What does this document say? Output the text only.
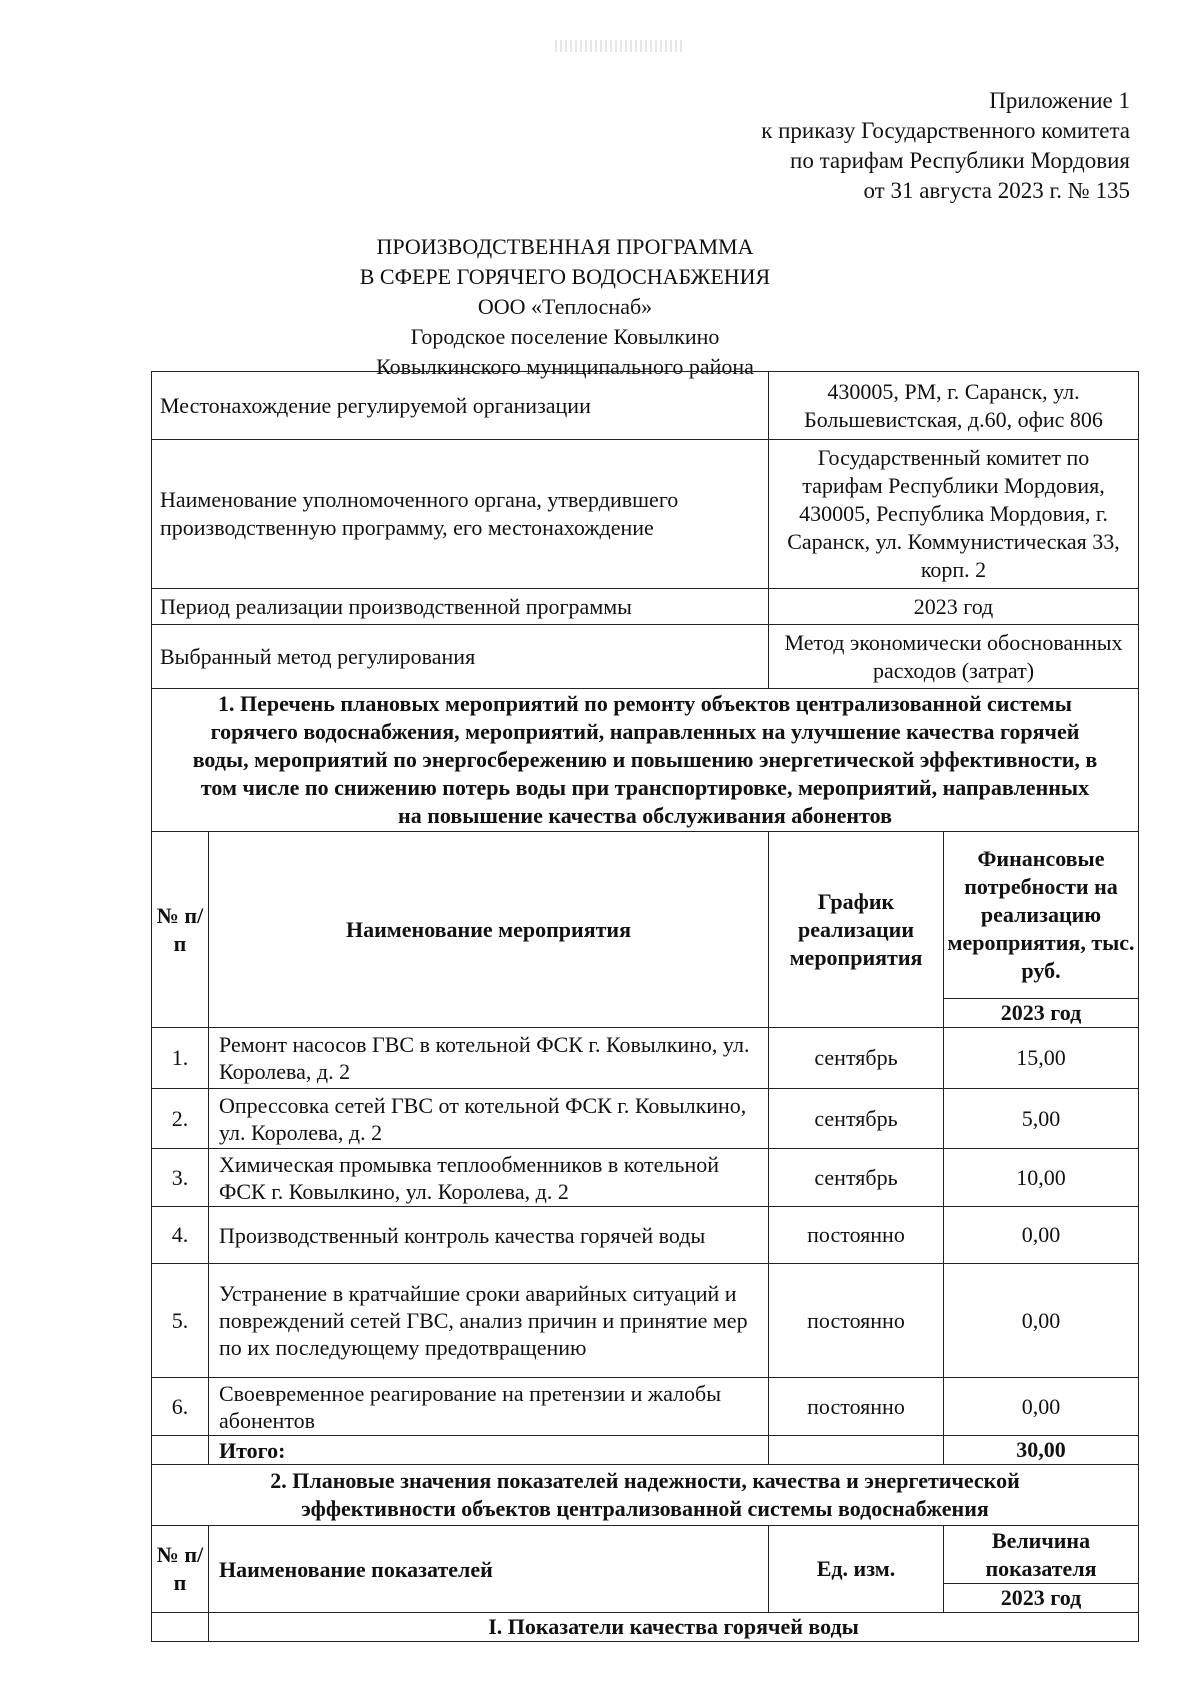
Приложение 1
к приказу Государственного комитета
по тарифам Республики Мордовия
от 31 августа 2023 г. № 135
ПРОИЗВОДСТВЕННАЯ ПРОГРАММА
В СФЕРЕ ГОРЯЧЕГО ВОДОСНАБЖЕНИЯ
ООО «Теплоснаб»
Городское поселение Ковылкино
Ковылкинского муниципального района
Местонахождение регулируемой организации	430005, РМ, г. Саранск, ул. Большевистская, д.60, офис 806
Наименование уполномоченного органа, утвердившего производственную программу, его местонахождение	Государственный комитет по тарифам Республики Мордовия, 430005, Республика Мордовия, г. Саранск, ул. Коммунистическая 33, корп. 2
Период реализации производственной программы	2023 год
Выбранный метод регулирования	Метод экономически обоснованных расходов (затрат)
1. Перечень плановых мероприятий по ремонту объектов централизованной системы горячего водоснабжения, мероприятий, направленных на улучшение качества горячей воды, мероприятий по энергосбережению и повышению энергетической эффективности, в том числе по снижению потерь воды при транспортировке, мероприятий, направленных на повышение качества обслуживания абонентов			
№ п/п	Наименование мероприятия	График реализации мероприятия	Финансовые потребности на реализацию мероприятия, тыс. руб.
			2023 год
1.	Ремонт насосов ГВС в котельной ФСК г. Ковылкино, ул. Королева, д. 2	сентябрь	15,00
2.	Опрессовка сетей ГВС от котельной ФСК г. Ковылкино, ул. Королева, д. 2	сентябрь	5,00
3.	Химическая промывка теплообменников в котельной ФСК г. Ковылкино, ул. Королева, д. 2	сентябрь	10,00
4.	Производственный контроль качества горячей воды	постоянно	0,00
5.	Устранение в кратчайшие сроки аварийных ситуаций и повреждений сетей ГВС, анализ причин и принятие мер по их последующему предотвращению	постоянно	0,00
6.	Своевременное реагирование на претензии и жалобы абонентов	постоянно	0,00
	Итого:		30,00
2. Плановые значения показателей надежности, качества и энергетической эффективности объектов централизованной системы водоснабжения			
№ п/п	Наименование показателей	Ед. изм.	Величина показателя
			2023 год
	I. Показатели качества горячей воды		
